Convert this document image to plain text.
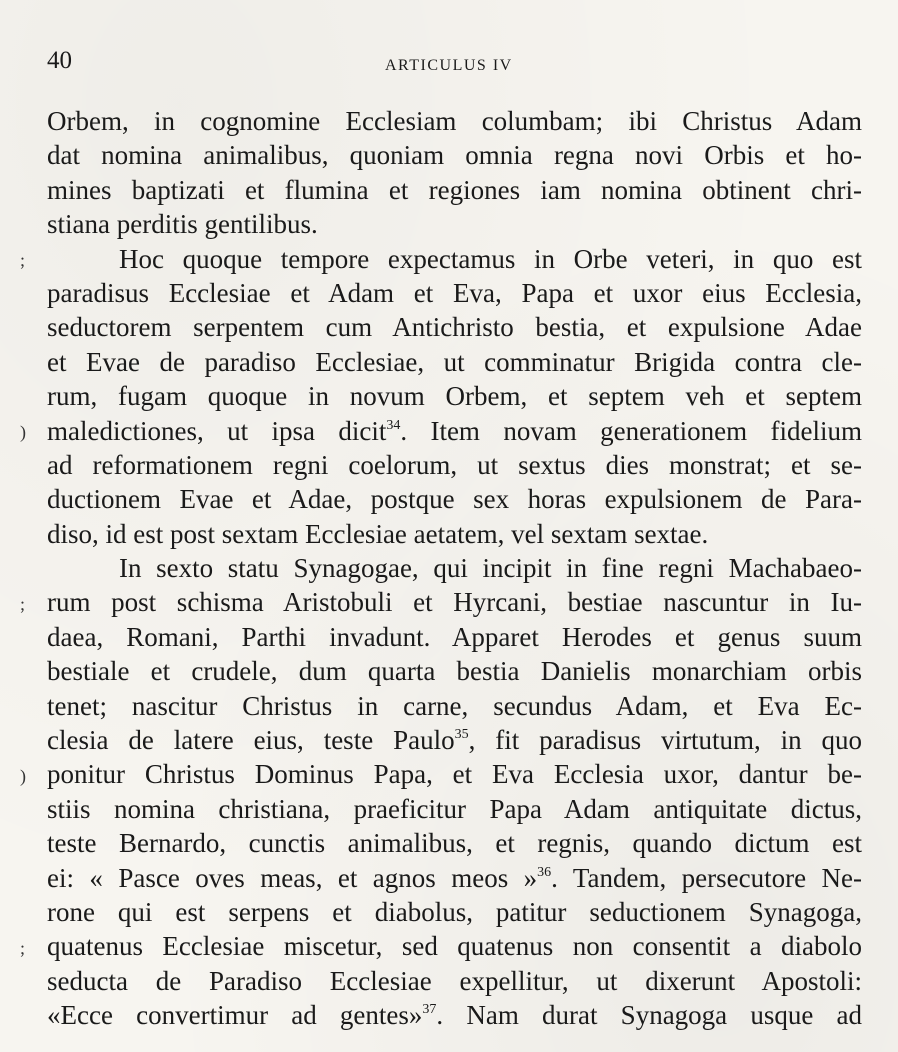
40	ARTICULUS IV
;
)
;
)
;
Orbem, in cognomine Ecclesiam columbam; ibi Christus Adam
dat nomina animalibus, quoniam omnia regna novi Orbis et ho-
mines baptizati et flumina et regiones iam nomina obtinent chri-
stiana perditis gentilibus.
Hoc quoque tempore expectamus in Orbe veteri, in quo est
paradisus Ecclesiae et Adam et Eva, Papa et uxor eius Ecclesia,
seductorem serpentem cum Antichristo bestia, et expulsione Adae
et Evae de paradiso Ecclesiae, ut comminatur Brigida contra cle-
rum, fugam quoque in novum Orbem, et septem veh et septem
maledictiones, ut ipsa dicit$^{34}$. Item novam generationem fidelium
ad reformationem regni coelorum, ut sextus dies monstrat; et se-
ductionem Evae et Adae, postque sex horas expulsionem de Para-
diso, id est post sextam Ecclesiae aetatem, vel sextam sextae.
In sexto statu Synagogae, qui incipit in fine regni Machabaeo-
rum post schisma Aristobuli et Hyrcani, bestiae nascuntur in Iu-
daea, Romani, Parthi invadunt. Apparet Herodes et genus suum
bestiale et crudele, dum quarta bestia Danielis monarchiam orbis
tenet; nascitur Christus in carne, secundus Adam, et Eva Ec-
clesia de latere eius, teste Paulo$^{35}$, fit paradisus virtutum, in quo
ponitur Christus Dominus Papa, et Eva Ecclesia uxor, dantur be-
stiis nomina christiana, praeficitur Papa Adam antiquitate dictus,
teste Bernardo, cunctis animalibus, et regnis, quando dictum est
ei: « Pasce oves meas, et agnos meos »$^{36}$. Tandem, persecutore Ne-
rone qui est serpens et diabolus, patitur seductionem Synagoga,
quatenus Ecclesiae miscetur, sed quatenus non consentit a diabolo
seducta de Paradiso Ecclesiae expellitur, ut dixerunt Apostoli:
«Ecce convertimur ad gentes»$^{37}$. Nam durat Synagoga usque ad
